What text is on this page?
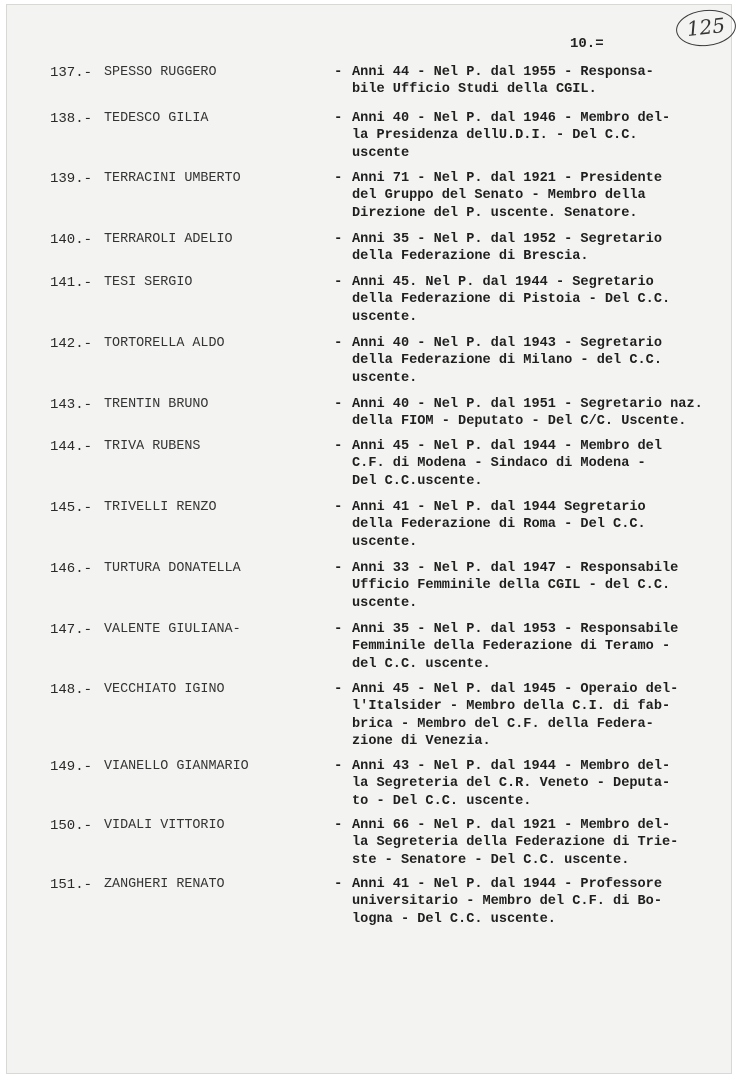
125
10.=
137.- SPESSO RUGGERO	- Anni 44 - Nel P. dal 1955 - Responsa-
bile Ufficio Studi della CGIL.
138.- TEDESCO GILIA	- Anni 40 - Nel P. dal 1946 - Membro del-
la Presidenza dellU.D.I. - Del C.C.
uscente
139.- TERRACINI UMBERTO	- Anni 71 - Nel P. dal 1921 - Presidente
del Gruppo del Senato - Membro della
Direzione del P. uscente. Senatore.
140.- TERRAROLI ADELIO	- Anni 35 - Nel P. dal 1952 - Segretario
della Federazione di Brescia.
141.- TESI SERGIO	- Anni 45. Nel P. dal 1944 - Segretario
della Federazione di Pistoia - Del C.C.
uscente.
142.- TORTORELLA ALDO	- Anni 40 - Nel P. dal 1943 - Segretario
della Federazione di Milano - del C.C.
uscente.
143.- TRENTIN BRUNO	- Anni 40 - Nel P. dal 1951 - Segretario naz.
della FIOM - Deputato - Del C/C. Uscente.
144.- TRIVA RUBENS	- Anni 45 - Nel P. dal 1944 - Membro del
C.F. di Modena - Sindaco di Modena -
Del C.C.uscente.
145.- TRIVELLI RENZO	- Anni 41 - Nel P. dal 1944 Segretario
della Federazione di Roma - Del C.C.
uscente.
146.- TURTURA DONATELLA	- Anni 33 - Nel P. dal 1947 - Responsabile
Ufficio Femminile della CGIL - del C.C.
uscente.
147.- VALENTE GIULIANA-	- Anni 35 - Nel P. dal 1953 - Responsabile
Femminile della Federazione di Teramo -
del C.C. uscente.
148.- VECCHIATO IGINO	- Anni 45 - Nel P. dal 1945 - Operaio del-
l'Italsider - Membro della C.I. di fab-
brica - Membro del C.F. della Federa-
zione di Venezia.
149.- VIANELLO GIANMARIO	- Anni 43 - Nel P. dal 1944 - Membro del-
la Segreteria del C.R. Veneto - Deputa-
to - Del C.C. uscente.
150.- VIDALI VITTORIO	- Anni 66 - Nel P. dal 1921 - Membro del-
la Segreteria della Federazione di Trie-
ste - Senatore - Del C.C. uscente.
151.- ZANGHERI RENATO	- Anni 41 - Nel P. dal 1944 - Professore
universitario - Membro del C.F. di Bo-
logna - Del C.C. uscente.
